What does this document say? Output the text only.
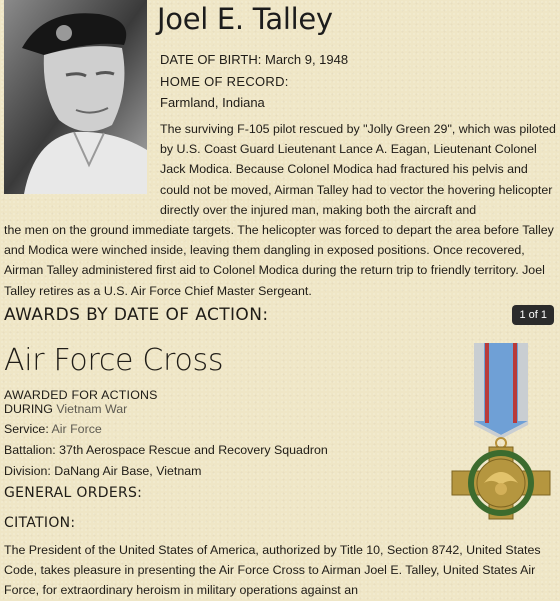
Joel E. Talley
DATE OF BIRTH: March 9, 1948
HOME OF RECORD:
Farmland, Indiana
The surviving F-105 pilot rescued by "Jolly Green 29", which was piloted by U.S. Coast Guard Lieutenant Lance A. Eagan, Lieutenant Colonel Jack Modica. Because Colonel Modica had fractured his pelvis and could not be moved, Airman Talley had to vector the hovering helicopter directly over the injured man, making both the aircraft and
the men on the ground immediate targets. The helicopter was forced to depart the area before Talley and Modica were winched inside, leaving them dangling in exposed positions. Once recovered, Airman Talley administered first aid to Colonel Modica during the return trip to friendly territory. Joel Talley retires as a U.S. Air Force Chief Master Sergeant.
AWARDS BY DATE OF ACTION:	1 of 1
Air Force Cross
AWARDED FOR ACTIONS
DURING Vietnam War
Service: Air Force
Battalion: 37th Aerospace Rescue and Recovery Squadron
Division: DaNang Air Base, Vietnam
GENERAL ORDERS:
CITATION:
The President of the United States of America, authorized by Title 10, Section 8742, United States Code, takes pleasure in presenting the Air Force Cross to Airman Joel E. Talley, United States Air Force, for extraordinary heroism in military operations against an
